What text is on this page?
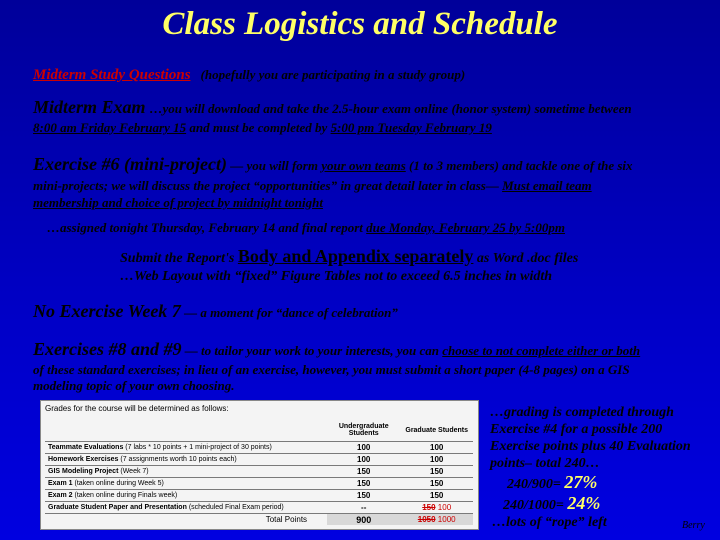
Class Logistics and Schedule
Midterm Study Questions (hopefully you are participating in a study group)
Midterm Exam …you will download and take the 2.5-hour exam online (honor system) sometime between
8:00 am Friday February 15 and must be completed by 5:00 pm Tuesday February 19
Exercise #6 (mini-project) — you will form your own teams (1 to 3 members) and tackle one of the six
mini-projects; we will discuss the project “opportunities” in great detail later in class— Must email team
membership and choice of project by midnight tonight
…assigned tonight Thursday, February 14 and final report due Monday, February 25 by 5:00pm
Submit the Report's Body and Appendix separately as Word .doc files
…Web Layout with “fixed” Figure Tables not to exceed 6.5 inches in width
No Exercise Week 7 — a moment for “dance of celebration”
Exercises #8 and #9 — to tailor your work to your interests, you can choose to not complete either or both
of these standard exercises; in lieu of an exercise, however, you must submit a short paper (4-8 pages) on a GIS
modeling topic of your own choosing.
Grades for the course will be determined as follows:
	Undergraduate Students	Graduate Students
Teammate Evaluations (7 labs * 10 points + 1 mini-project of 30 points)	100	100
Homework Exercises (7 assignments worth 10 points each)	100	100
GIS Modeling Project (Week 7)	150	150
Exam 1 (taken online during Week 5)	150	150
Exam 2 (taken online during Finals week)	150	150
Graduate Student Paper and Presentation (scheduled Final Exam period)	--	150 100
Total Points	900	1050 1000
…grading is completed through
Exercise #4 for a possible 200
Exercise points plus 40 Evaluation
points– total 240…
240/900= 27%
240/1000= 24%
…lots of “rope” left	Berry
